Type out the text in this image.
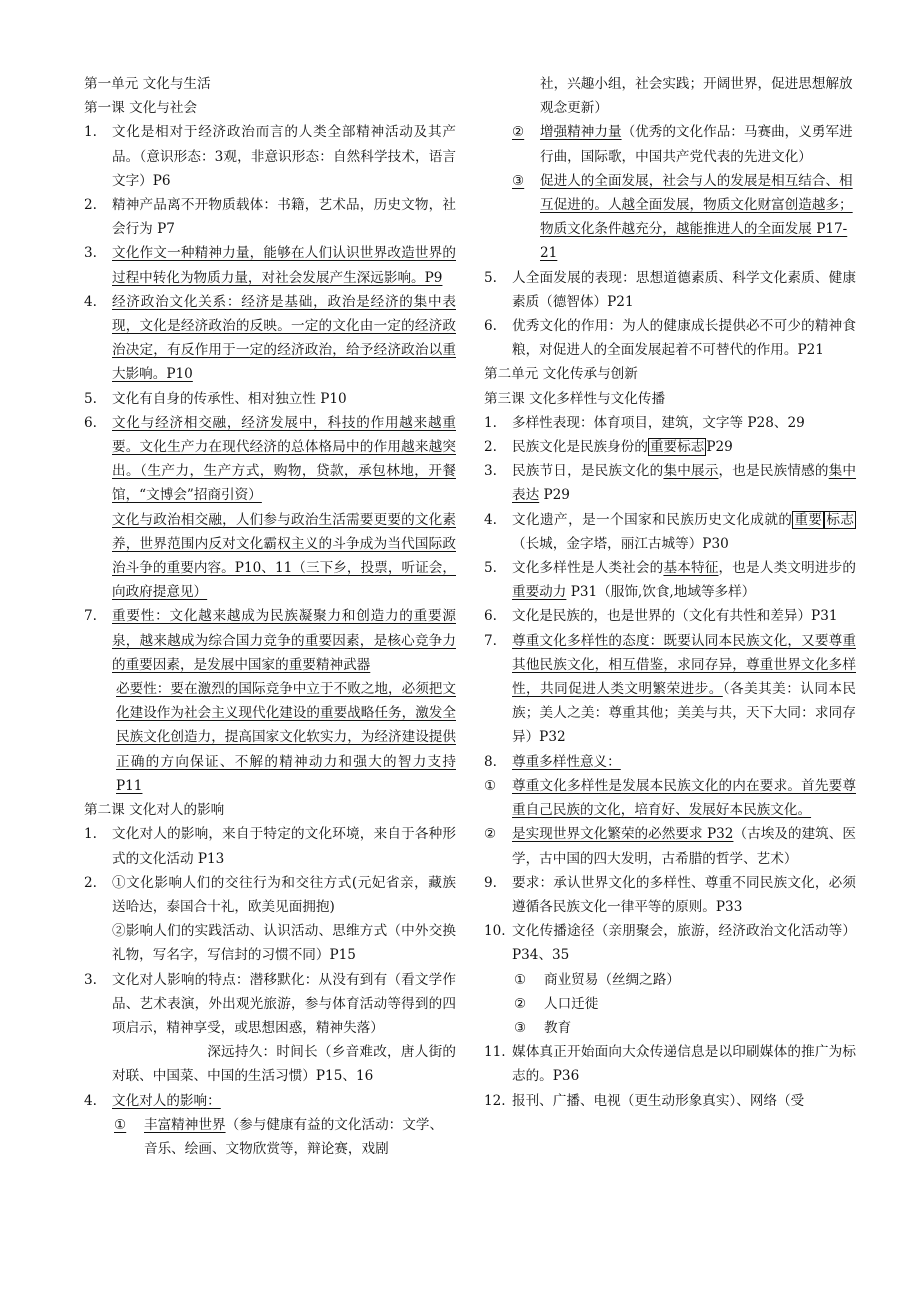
第一单元 文化与生活

第一课 文化与社会

1. 文化是相对于经济政治而言的人类全部精神活动及其产品。（意识形态：3观，非意识形态：自然科学技术，语言文字）P6
2. 精神产品离不开物质载体：书籍，艺术品，历史文物，社会行为 P7
3. 文化作文一种精神力量，能够在人们认识世界改造世界的过程中转化为物质力量，对社会发展产生深远影响。P9
4. 经济政治文化关系：经济是基础，政治是经济的集中表现，文化是经济政治的反映。一定的文化由一定的经济政治决定，有反作用于一定的经济政治，给予经济政治以重大影响。P10
5. 文化有自身的传承性、相对独立性 P10
6. 文化与经济相交融，经济发展中，科技的作用越来越重要。文化生产力在现代经济的总体格局中的作用越来越突出。（生产力，生产方式，购物，贷款，承包林地，开餐馆，“文博会”招商引资）
文化与政治相交融，人们参与政治生活需要更要的文化素养，世界范围内反对文化霸权主义的斗争成为当代国际政治斗争的重要内容。P10、11（三下乡，投票，听证会，向政府提意见）
7. 重要性：文化越来越成为民族凝聚力和创造力的重要源泉，越来越成为综合国力竞争的重要因素，是核心竞争力的重要因素，是发展中国家的重要精神武器
必要性：要在激烈的国际竞争中立于不败之地，必须把文化建设作为社会主义现代化建设的重要战略任务，激发全民族文化创造力，提高国家文化软实力，为经济建设提供正确的方向保证、不解的精神动力和强大的智力支持 P11

第二课 文化对人的影响

1. 文化对人的影响，来自于特定的文化环境，来自于各种形式的文化活动 P13
2. ①文化影响人们的交往行为和交往方式(元妃省亲，藏族送哈达，泰国合十礼，欧美见面拥抱)
②影响人们的实践活动、认识活动、思维方式（中外交换礼物，写名字，写信封的习惯不同）P15
3. 文化对人影响的特点：潜移默化：从没有到有（看文学作品、艺术表演，外出观光旅游，参与体育活动等得到的四项启示，精神享受，或思想困惑，精神失落）
深远持久：时间长（乡音难改，唐人街的对联、中国菜、中国的生活习惯）P15、16
4. 文化对人的影响：
① 丰富精神世界（参与健康有益的文化活动：文学、音乐、绘画、文物欣赏等，辩论赛，戏剧
社，兴趣小组，社会实践；开阔世界，促进思想解放观念更新）
② 增强精神力量（优秀的文化作品：马赛曲，义勇军进行曲，国际歌，中国共产党代表的先进文化）
③ 促进人的全面发展，社会与人的发展是相互结合、相互促进的。人越全面发展，物质文化财富创造越多；物质文化条件越充分，越能推进人的全面发展 P17-21
5. 人全面发展的表现：思想道德素质、科学文化素质、健康素质（德智体）P21
6. 优秀文化的作用：为人的健康成长提供必不可少的精神食粮，对促进人的全面发展起着不可替代的作用。P21

第二单元 文化传承与创新

第三课 文化多样性与文化传播

1. 多样性表现：体育项目，建筑，文字等 P28、29
2. 民族文化是民族身份的 重要标志 P29
3. 民族节日，是民族文化的集中展示，也是民族情感的集中表达 P29
4. 文化遗产，是一个国家和民族历史文化成就的 重要 标志（长城，金字塔，丽江古城等）P30
5. 文化多样性是人类社会的基本特征，也是人类文明进步的重要动力 P31（服饰,饮食,地域等多样）
6. 文化是民族的，也是世界的（文化有共性和差异）P31
7. 尊重文化多样性的态度：既要认同本民族文化，又要尊重其他民族文化，相互借鉴，求同存异，尊重世界文化多样性，共同促进人类文明繁荣进步。（各美其美：认同本民族；美人之美：尊重其他；美美与共，天下大同：求同存异）P32
8. 尊重多样性意义：
① 尊重文化多样性是发展本民族文化的内在要求。首先要尊重自己民族的文化，培育好、发展好本民族文化。
② 是实现世界文化繁荣的必然要求 P32（古埃及的建筑、医学，古中国的四大发明，古希腊的哲学、艺术）
9. 要求：承认世界文化的多样性、尊重不同民族文化，必须遵循各民族文化一律平等的原则。P33
10. 文化传播途径（亲朋聚会，旅游，经济政治文化活动等）P34、35
① 商业贸易（丝绸之路）
② 人口迁徙
③ 教育
11. 媒体真正开始面向大众传递信息是以印刷媒体的推广为标志的。P36
12. 报刊、广播、电视（更生动形象真实）、网络（受
